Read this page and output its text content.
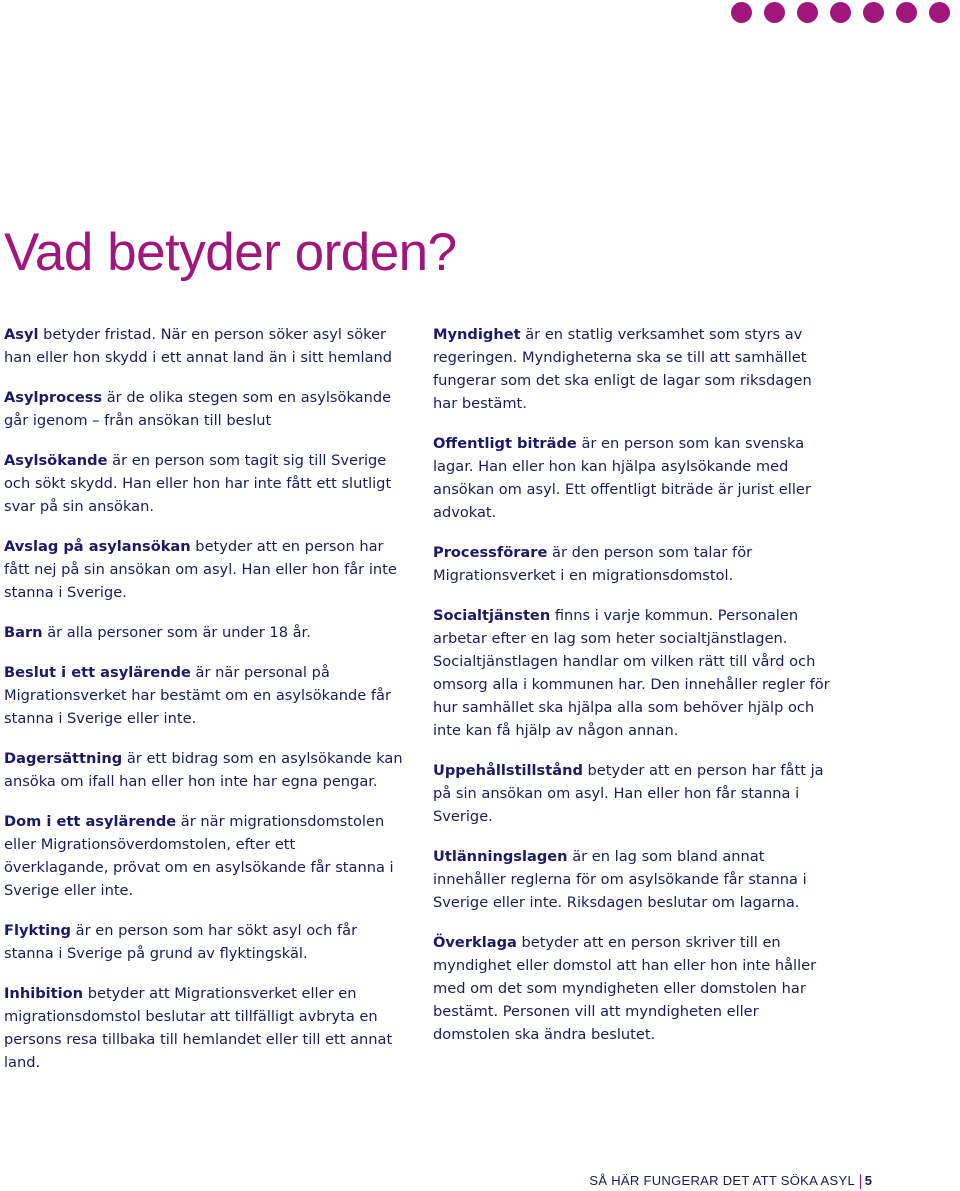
Vad betyder orden?

Asyl betyder fristad. När en person söker asyl söker han eller hon skydd i ett annat land än i sitt hemland

Asylprocess är de olika stegen som en asylsökande går igenom – från ansökan till beslut

Asylsökande är en person som tagit sig till Sverige och sökt skydd. Han eller hon har inte fått ett slutligt svar på sin ansökan.

Avslag på asylansökan betyder att en person har fått nej på sin ansökan om asyl. Han eller hon får inte stanna i Sverige.

Barn är alla personer som är under 18 år.

Beslut i ett asylärende är när personal på Migrationsverket har bestämt om en asylsökande får stanna i Sverige eller inte.

Dagersättning är ett bidrag som en asylsökande kan ansöka om ifall han eller hon inte har egna pengar.

Dom i ett asylärende är när migrationsdomstolen eller Migrationsöverdomstolen, efter ett överklagande, prövat om en asylsökande får stanna i Sverige eller inte.

Flykting är en person som har sökt asyl och får stanna i Sverige på grund av flyktingskäl.

Inhibition betyder att Migrationsverket eller en migrationsdomstol beslutar att tillfälligt avbryta en persons resa tillbaka till hemlandet eller till ett annat land.

Myndighet är en statlig verksamhet som styrs av regeringen. Myndigheterna ska se till att samhället fungerar som det ska enligt de lagar som riksdagen har bestämt.

Offentligt biträde är en person som kan svenska lagar. Han eller hon kan hjälpa asylsökande med ansökan om asyl. Ett offentligt biträde är jurist eller advokat.

Processförare är den person som talar för Migrationsverket i en migrationsdomstol.

Socialtjänsten finns i varje kommun. Personalen arbetar efter en lag som heter socialtjänstlagen. Socialtjänstlagen handlar om vilken rätt till vård och omsorg alla i kommunen har. Den innehåller regler för hur samhället ska hjälpa alla som behöver hjälp och inte kan få hjälp av någon annan.

Uppehållstillstånd betyder att en person har fått ja på sin ansökan om asyl. Han eller hon får stanna i Sverige.

Utlänningslagen är en lag som bland annat innehåller reglerna för om asylsökande får stanna i Sverige eller inte. Riksdagen beslutar om lagarna.

Överklaga betyder att en person skriver till en myndighet eller domstol att han eller hon inte håller med om det som myndigheten eller domstolen har bestämt. Personen vill att myndigheten eller domstolen ska ändra beslutet.

SÅ HÄR FUNGERAR DET ATT SÖKA ASYL 5
